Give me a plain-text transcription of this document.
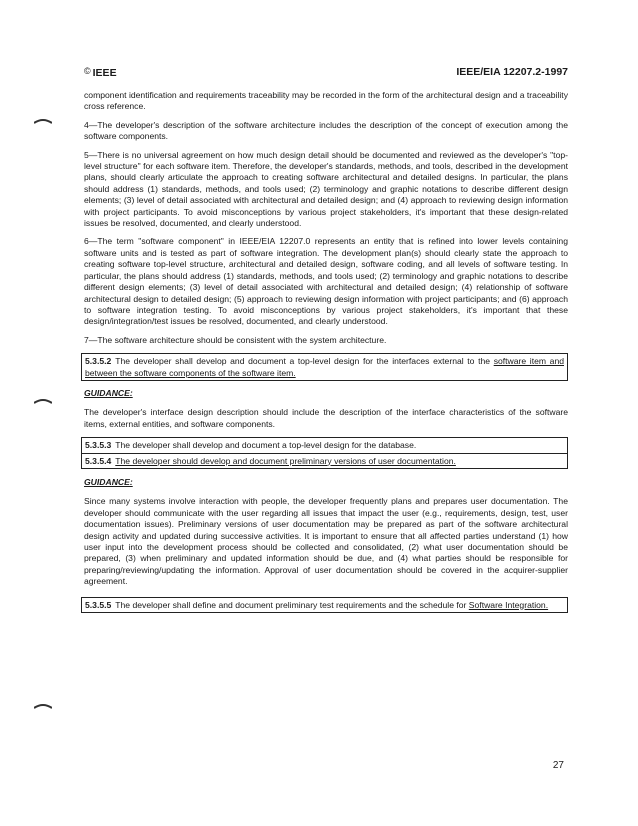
© IEEE	IEEE/EIA 12207.2-1997

component identification and requirements traceability may be recorded in the form of the architectural design and a traceability cross reference.

4—The developer's description of the software architecture includes the description of the concept of execution among the software components.

5—There is no universal agreement on how much design detail should be documented and reviewed as the developer's "top-level structure" for each software item. Therefore, the developer's standards, methods, and tools, described in the development plans, should clearly articulate the approach to creating software architectural and detailed designs. In particular, the plans should address (1) standards, methods, and tools used; (2) terminology and graphic notations to describe different design elements; (3) level of detail associated with architectural and detailed design; and (4) approach to reviewing design information with project participants. To avoid misconceptions by various project stakeholders, it's important that these design-related issues be resolved, documented, and clearly understood.

6—The term "software component" in IEEE/EIA 12207.0 represents an entity that is refined into lower levels containing software units and is tested as part of software integration. The development plan(s) should clearly state the approach to creating software top-level structure, architectural and detailed design, software coding, and all levels of software testing. In particular, the plans should address (1) standards, methods, and tools used; (2) terminology and graphic notations to describe different design elements; (3) level of detail associated with architectural and detailed design; (4) relationship of software architectural design to detailed design; (5) approach to reviewing design information with project participants; and (6) approach to software integration testing. To avoid misconceptions by various project stakeholders, it's important that these design/integration/test issues be resolved, documented, and clearly understood.

7—The software architecture should be consistent with the system architecture.

5.3.5.2 The developer shall develop and document a top-level design for the interfaces external to the software item and between the software components of the software item.
GUIDANCE:

The developer's interface design description should include the description of the interface characteristics of the software items, external entities, and software components.

5.3.5.3 The developer shall develop and document a top-level design for the database.
5.3.5.4 The developer should develop and document preliminary versions of user documentation.
GUIDANCE:

Since many systems involve interaction with people, the developer frequently plans and prepares user documentation. The developer should communicate with the user regarding all issues that impact the user (e.g., requirements, design, test, user documentation issues). Preliminary versions of user documentation may be prepared as part of the software architectural design activity and updated during successive activities. It is important to ensure that all affected parties understand (1) how user input into the development process should be collected and consolidated, (2) what user documentation should be prepared, (3) when preliminary and updated information should be due, and (4) what parties should be responsible for preparing/reviewing/updating the information. Approval of user documentation should be covered in the acquirer-supplier agreement.

5.3.5.5 The developer shall define and document preliminary test requirements and the schedule for Software Integration.
27
